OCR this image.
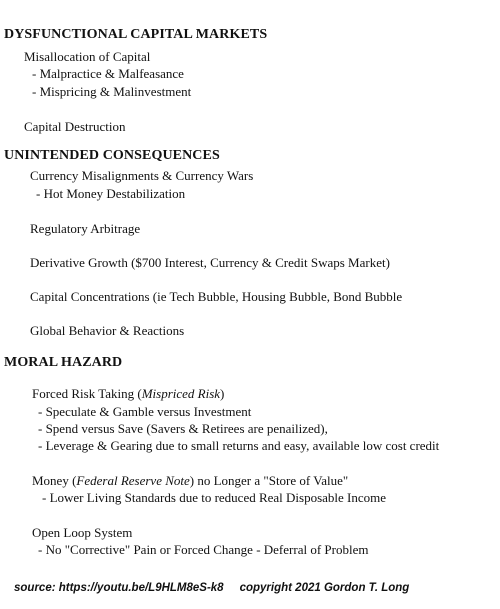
DYSFUNCTIONAL CAPITAL MARKETS
Misallocation of Capital
- Malpractice & Malfeasance
- Mispricing & Malinvestment
Capital Destruction
UNINTENDED CONSEQUENCES
Currency Misalignments & Currency Wars
- Hot Money Destabilization
Regulatory Arbitrage
Derivative Growth ($700 Interest, Currency & Credit Swaps Market)
Capital Concentrations (ie Tech Bubble, Housing Bubble, Bond Bubble
Global Behavior & Reactions
MORAL HAZARD
Forced Risk Taking (Mispriced Risk)
- Speculate & Gamble versus Investment
- Spend versus Save (Savers & Retirees are penailized),
- Leverage & Gearing due to small returns and easy, available low cost credit
Money (Federal Reserve Note) no Longer a "Store of Value"
- Lower Living Standards due to reduced Real Disposable Income
Open Loop System
- No "Corrective" Pain or Forced Change - Deferral of Problem
source: https://youtu.be/L9HLM8eS-k8 copyright 2021 Gordon T. Long
